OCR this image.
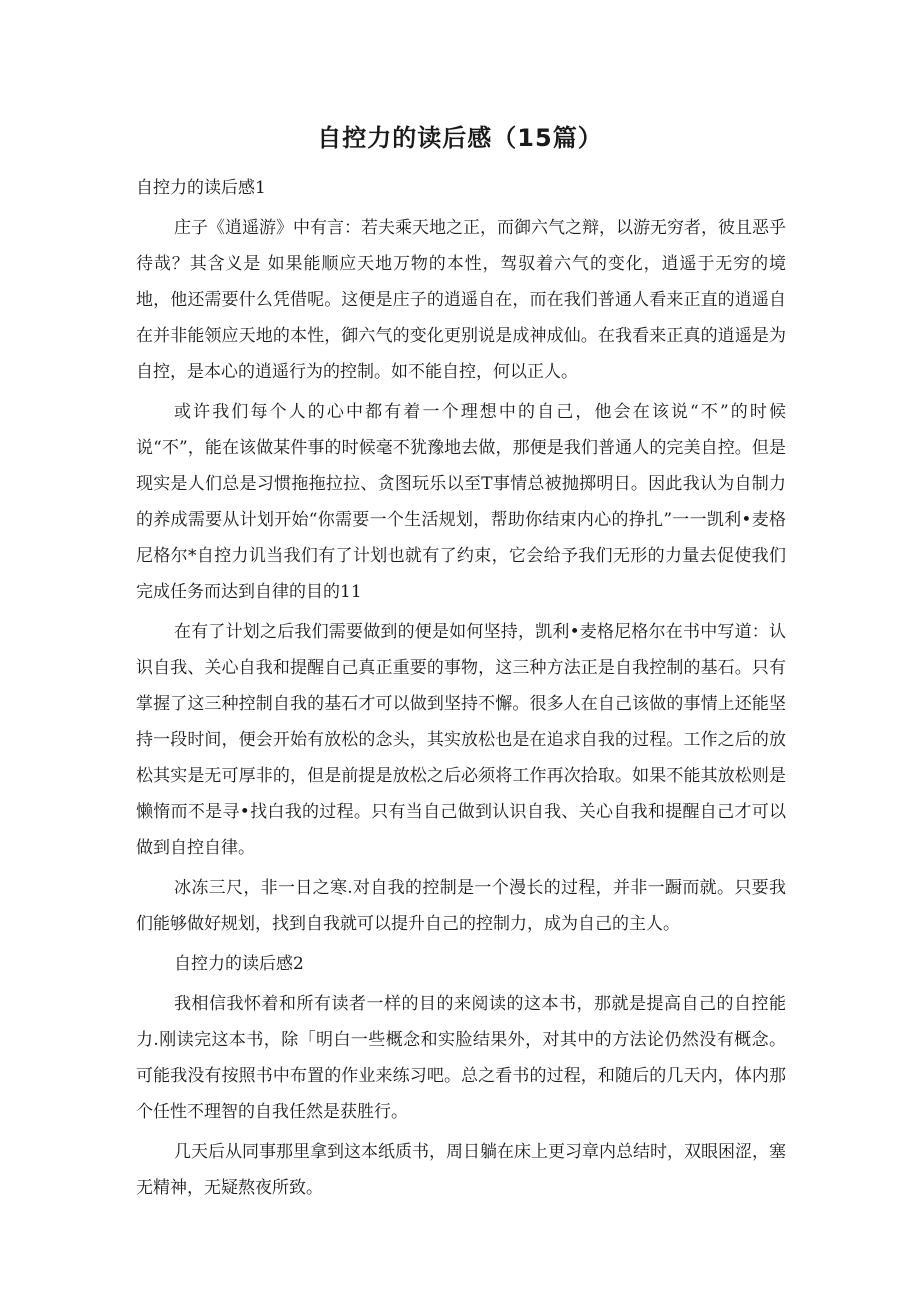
自控力的读后感（15篇）

自控力的读后感1

庄子《逍遥游》中有言：若夫乘天地之正，而御六气之辩，以游无穷者，彼且恶乎待哉？其含义是 如果能顺应天地万物的本性，驾驭着六气的变化，逍遥于无穷的境地，他还需要什么凭借呢。这便是庄子的逍遥自在，而在我们普通人看来正直的逍遥自在并非能领应天地的本性，御六气的变化更别说是成神成仙。在我看来正真的逍遥是为自控，是本心的逍遥行为的控制。如不能自控，何以正人。

或许我们每个人的心中都有着一个理想中的自己，他会在该说“不”的时候说“不”，能在该做某件事的时候毫不犹豫地去做，那便是我们普通人的完美自控。但是现实是人们总是习惯拖拖拉拉、贪图玩乐以至T事情总被抛掷明日。因此我认为自制力的养成需要从计划开始“你需要一个生活规划，帮助你结束内心的挣扎”一一凯利•麦格尼格尔*自控力讥当我们有了计划也就有了约束，它会给予我们无形的力量去促使我们完成任务而达到自律的目的11

在有了计划之后我们需要做到的便是如何坚持，凯利•麦格尼格尔在书中写道：认识自我、关心自我和提醒自己真正重要的事物，这三种方法正是自我控制的基石。只有掌握了这三种控制自我的基石才可以做到坚持不懈。很多人在自己该做的事情上还能坚持一段时间，便会开始有放松的念头，其实放松也是在追求自我的过程。工作之后的放松其实是无可厚非的，但是前提是放松之后必须将工作再次拾取。如果不能其放松则是懒惰而不是寻•找白我的过程。只有当自己做到认识自我、关心自我和提醒自己才可以做到自控自律。

冰冻三尺，非一日之寒.对自我的控制是一个漫长的过程，并非一蹰而就。只要我们能够做好规划，找到自我就可以提升自己的控制力，成为自己的主人。

自控力的读后感2

我相信我怀着和所有读者一样的目的来阅读的这本书，那就是提高自己的自控能力.刚读完这本书，除「明白一些概念和实脸结果外，对其中的方法论仍然没有概念。可能我没有按照书中布置的作业来练习吧。总之看书的过程，和随后的几天内，体内那个任性不理智的自我任然是获胜行。

几天后从同事那里拿到这本纸质书，周日躺在床上更习章内总结时，双眼困涩，塞无精神，无疑熬夜所致。
